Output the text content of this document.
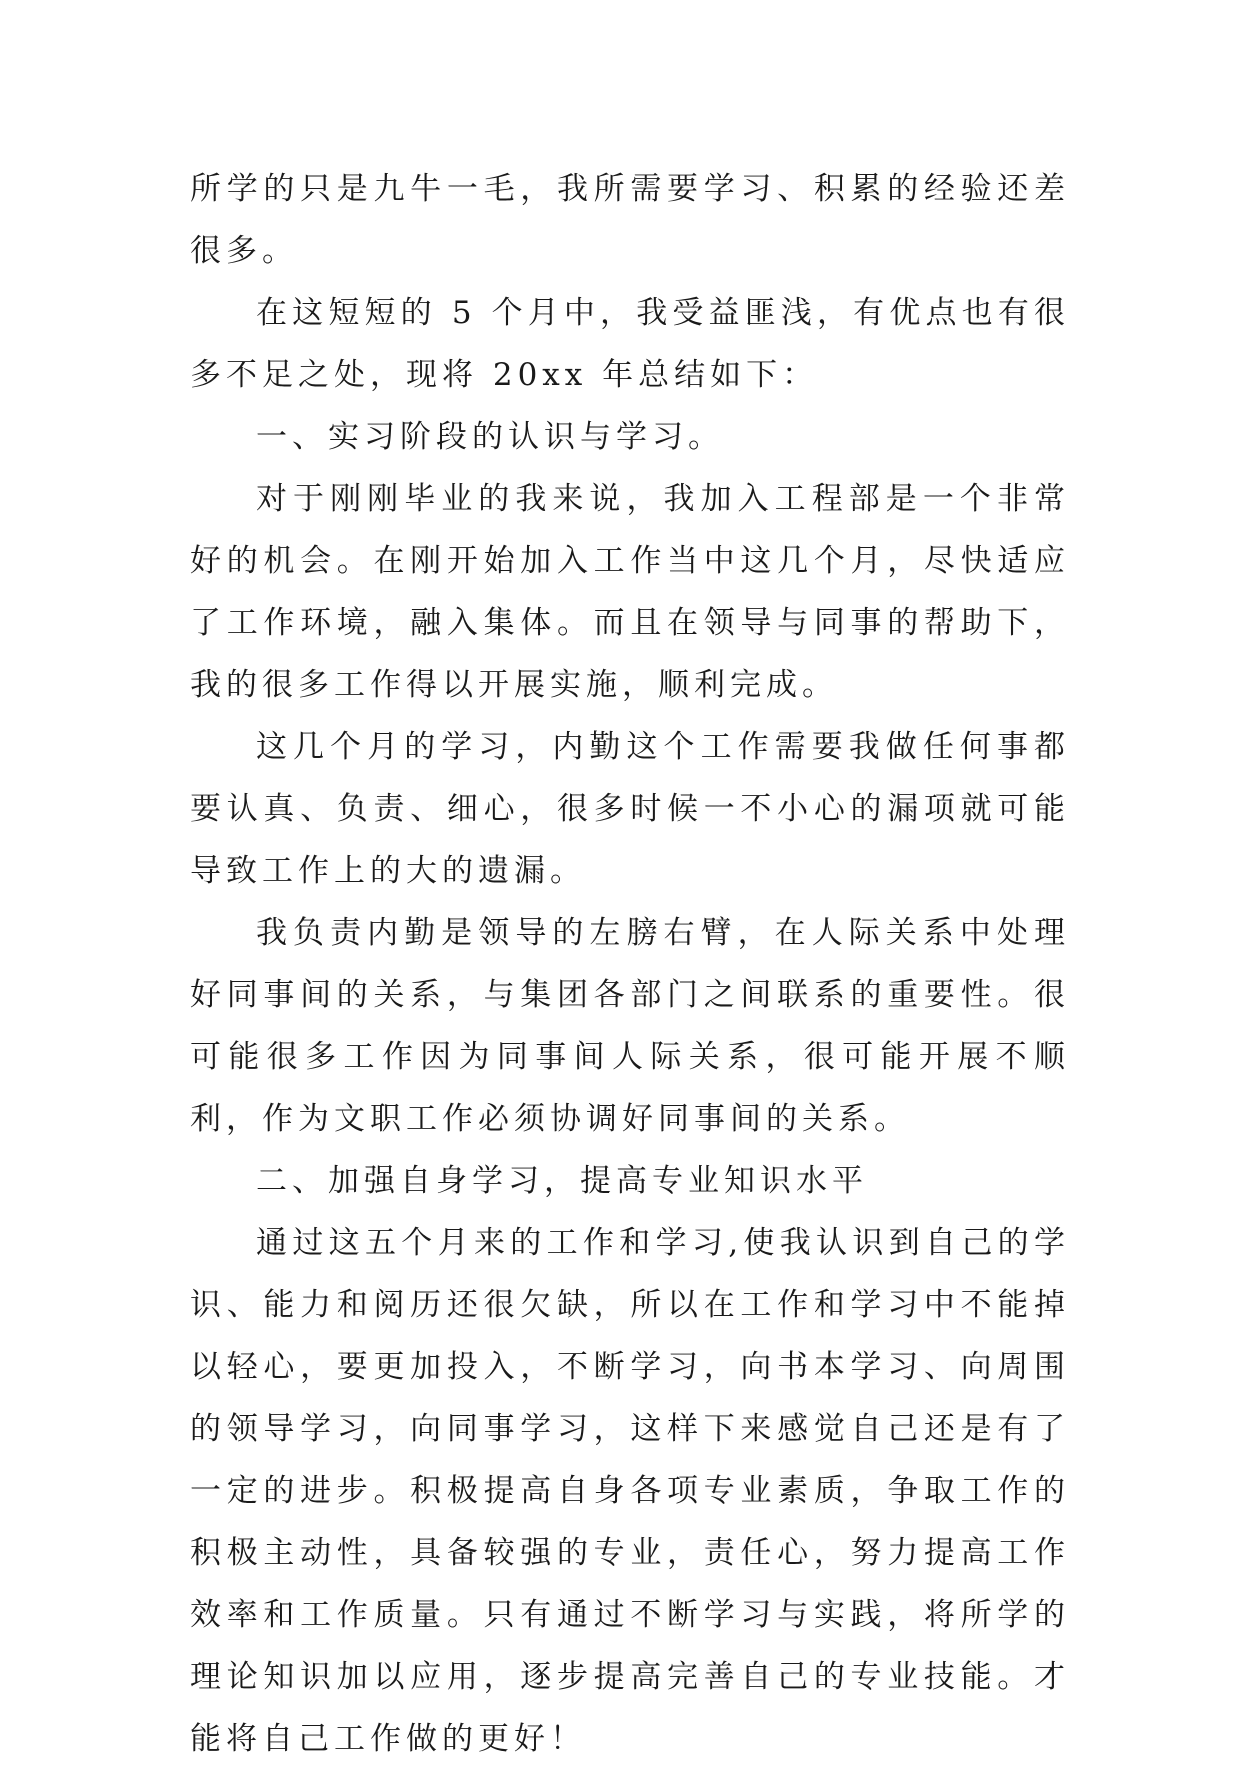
所学的只是九牛一毛，我所需要学习、积累的经验还差很多。

在这短短的 5 个月中，我受益匪浅，有优点也有很多不足之处，现将 20xx 年总结如下：

一、实习阶段的认识与学习。

对于刚刚毕业的我来说，我加入工程部是一个非常好的机会。在刚开始加入工作当中这几个月，尽快适应了工作环境，融入集体。而且在领导与同事的帮助下，我的很多工作得以开展实施，顺利完成。

这几个月的学习，内勤这个工作需要我做任何事都要认真、负责、细心，很多时候一不小心的漏项就可能导致工作上的大的遗漏。

我负责内勤是领导的左膀右臂，在人际关系中处理好同事间的关系，与集团各部门之间联系的重要性。很可能很多工作因为同事间人际关系，很可能开展不顺利，作为文职工作必须协调好同事间的关系。

二、加强自身学习，提高专业知识水平

通过这五个月来的工作和学习,使我认识到自己的学识、能力和阅历还很欠缺，所以在工作和学习中不能掉以轻心，要更加投入，不断学习，向书本学习、向周围的领导学习，向同事学习，这样下来感觉自己还是有了一定的进步。积极提高自身各项专业素质，争取工作的积极主动性，具备较强的专业，责任心，努力提高工作效率和工作质量。只有通过不断学习与实践，将所学的理论知识加以应用，逐步提高完善自己的专业技能。才能将自己工作做的更好！
